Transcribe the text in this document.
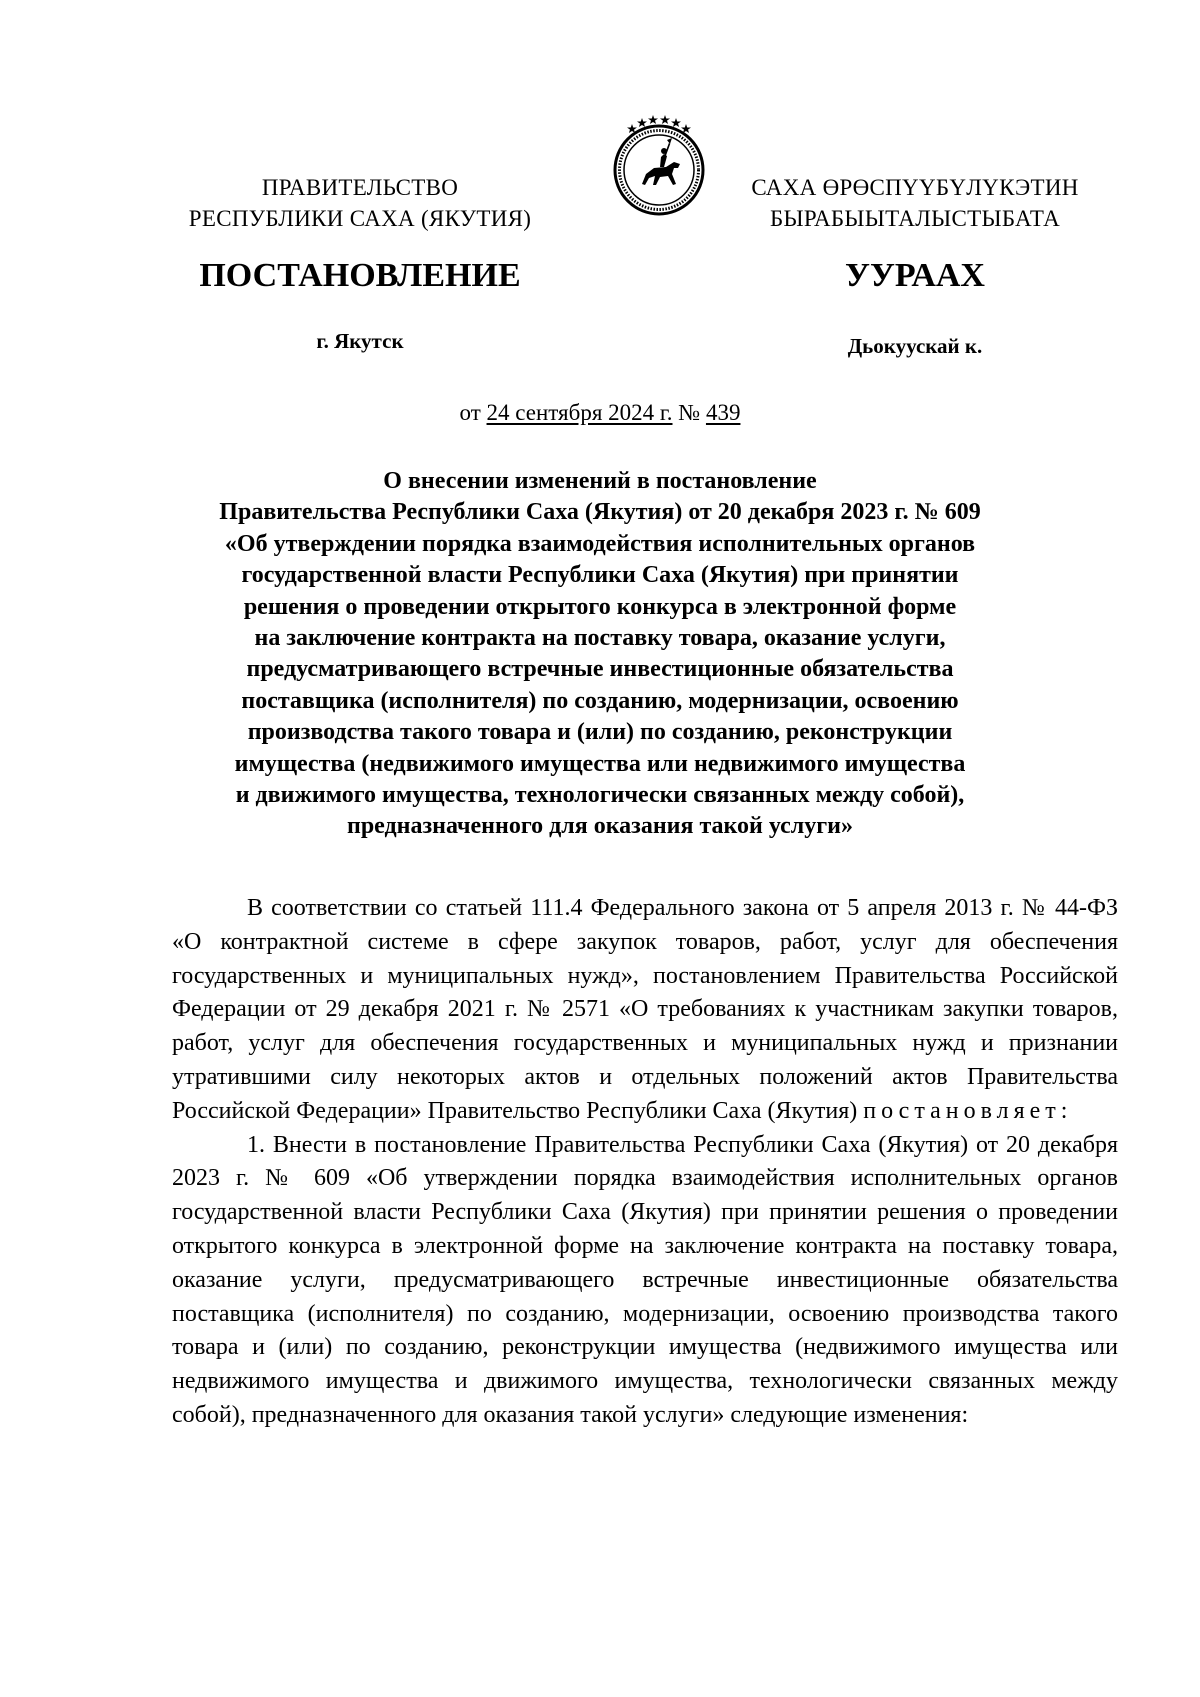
ПРАВИТЕЛЬСТВО
РЕСПУБЛИКИ САХА (ЯКУТИЯ)
САХА ӨРӨСПҮҮБҮЛҮКЭТИН
БЫРАБЫЫТАЛЫСТЫБАТА
ПОСТАНОВЛЕНИЕ	УУРААХ
г. Якутск	Дьокуускай к.
от 24 сентября 2024 г. № 439
О внесении изменений в постановление
Правительства Республики Саха (Якутия) от 20 декабря 2023 г. № 609
«Об утверждении порядка взаимодействия исполнительных органов
государственной власти Республики Саха (Якутия) при принятии
решения о проведении открытого конкурса в электронной форме
на заключение контракта на поставку товара, оказание услуги,
предусматривающего встречные инвестиционные обязательства
поставщика (исполнителя) по созданию, модернизации, освоению
производства такого товара и (или) по созданию, реконструкции
имущества (недвижимого имущества или недвижимого имущества
и движимого имущества, технологически связанных между собой),
предназначенного для оказания такой услуги»

В соответствии со статьей 111.4 Федерального закона от 5 апреля 2013 г. № 44-ФЗ «О контрактной системе в сфере закупок товаров, работ, услуг для обеспечения государственных и муниципальных нужд», постановлением Правительства Российской Федерации от 29 декабря 2021 г. № 2571 «О требованиях к участникам закупки товаров, работ, услуг для обеспечения государственных и муниципальных нужд и признании утратившими силу некоторых актов и отдельных положений актов Правительства Российской Федерации» Правительство Республики Саха (Якутия) постановляет:

1. Внести в постановление Правительства Республики Саха (Якутия) от 20 декабря 2023 г. № 609 «Об утверждении порядка взаимодействия исполнительных органов государственной власти Республики Саха (Якутия) при принятии решения о проведении открытого конкурса в электронной форме на заключение контракта на поставку товара, оказание услуги, предусматривающего встречные инвестиционные обязательства поставщика (исполнителя) по созданию, модернизации, освоению производства такого товара и (или) по созданию, реконструкции имущества (недвижимого имущества или недвижимого имущества и движимого имущества, технологически связанных между собой), предназначенного для оказания такой услуги» следующие изменения:
